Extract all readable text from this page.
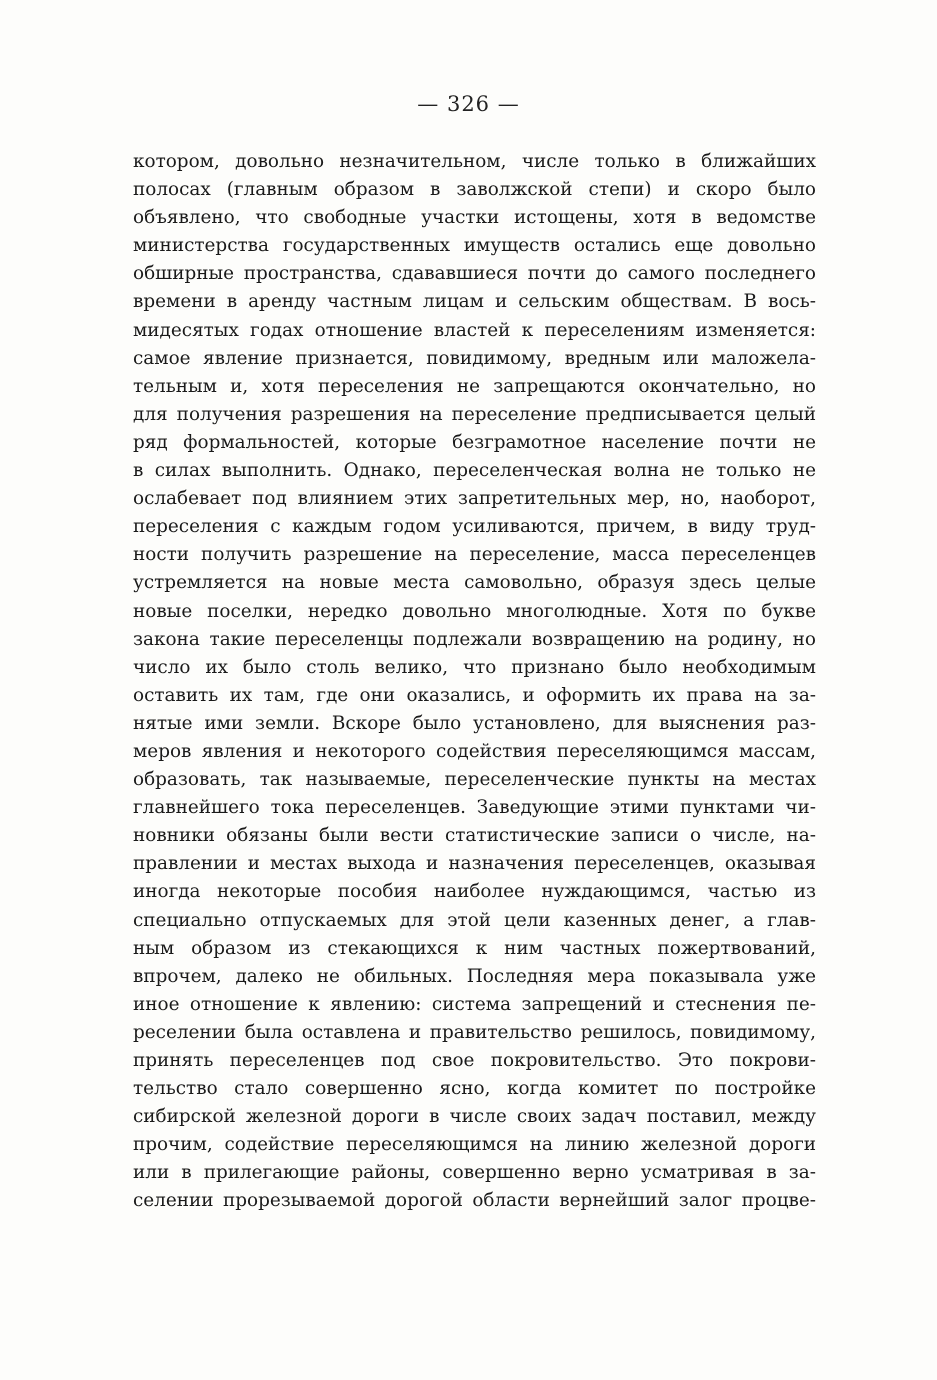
— 326 —
котором, довольно незначительном, числе только в ближайших
полосах (главным образом в заволжской степи) и скоро было
объявлено, что свободные участки истощены, хотя в ведомстве
министерства государственных имуществ остались еще довольно
обширные пространства, сдававшиеся почти до самого последнего
времени в аренду частным лицам и сельским обществам. В вось-
мидесятых годах отношение властей к переселениям изменяется:
самое явление признается, повидимому, вредным или маложела-
тельным и, хотя переселения не запрещаются окончательно, но
для получения разрешения на переселение предписывается целый
ряд формальностей, которые безграмотное население почти не
в силах выполнить. Однако, переселенческая волна не только не
ослабевает под влиянием этих запретительных мер, но, наоборот,
переселения с каждым годом усиливаются, причем, в виду труд-
ности получить разрешение на переселение, масса переселенцев
устремляется на новые места самовольно, образуя здесь целые
новые поселки, нередко довольно многолюдные. Хотя по букве
закона такие переселенцы подлежали возвращению на родину, но
число их было столь велико, что признано было необходимым
оставить их там, где они оказались, и оформить их права на за-
нятые ими земли. Вскоре было установлено, для выяснения раз-
меров явления и некоторого содействия переселяющимся массам,
образовать, так называемые, переселенческие пункты на местах
главнейшего тока переселенцев. Заведующие этими пунктами чи-
новники обязаны были вести статистические записи о числе, на-
правлении и местах выхода и назначения переселенцев, оказывая
иногда некоторые пособия наиболее нуждающимся, частью из
специально отпускаемых для этой цели казенных денег, а глав-
ным образом из стекающихся к ним частных пожертвований,
впрочем, далеко не обильных. Последняя мера показывала уже
иное отношение к явлению: система запрещений и стеснения пе-
реселении была оставлена и правительство решилось, повидимому,
принять переселенцев под свое покровительство. Это покрови-
тельство стало совершенно ясно, когда комитет по постройке
сибирской железной дороги в числе своих задач поставил, между
прочим, содействие переселяющимся на линию железной дороги
или в прилегающие районы, совершенно верно усматривая в за-
селении прорезываемой дорогой области вернейший залог процве-
